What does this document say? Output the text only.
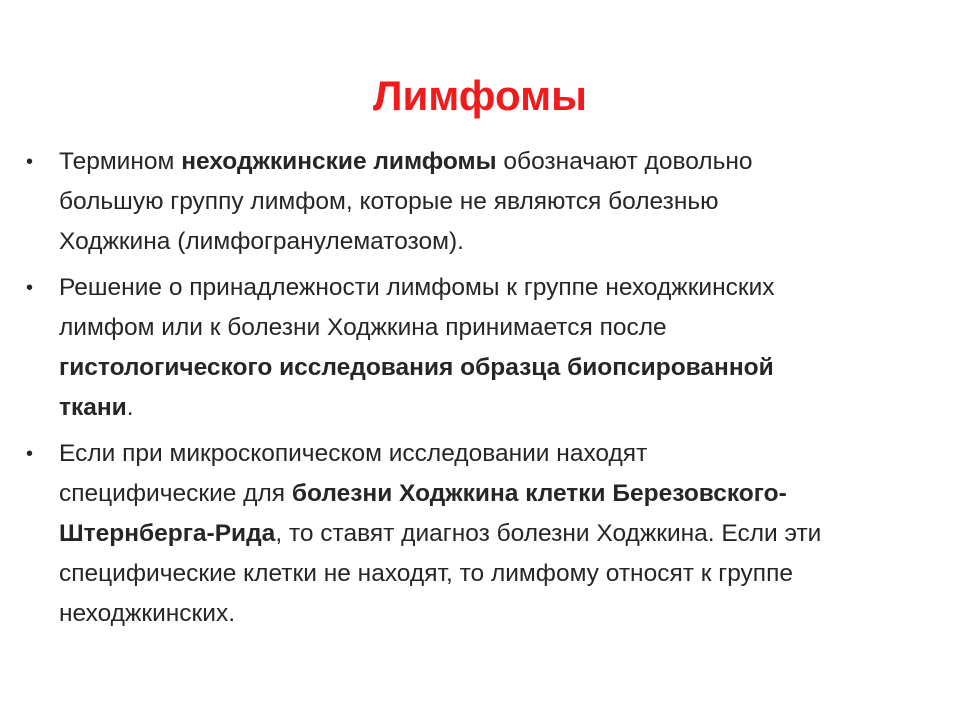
Лимфомы
•	Термином неходжкинские лимфомы обозначают довольно большую группу лимфом, которые не являются болезнью Ходжкина (лимфогранулематозом).
•	Решение о принадлежности лимфомы к группе неходжкинских лимфом или к болезни Ходжкина принимается после гистологического исследования образца биопсированной ткани.
•	Если при микроскопическом исследовании находят специфические для болезни Ходжкина клетки Березовского-Штернберга-Рида, то ставят диагноз болезни Ходжкина. Если эти специфические клетки не находят, то лимфому относят к группе неходжкинских.
